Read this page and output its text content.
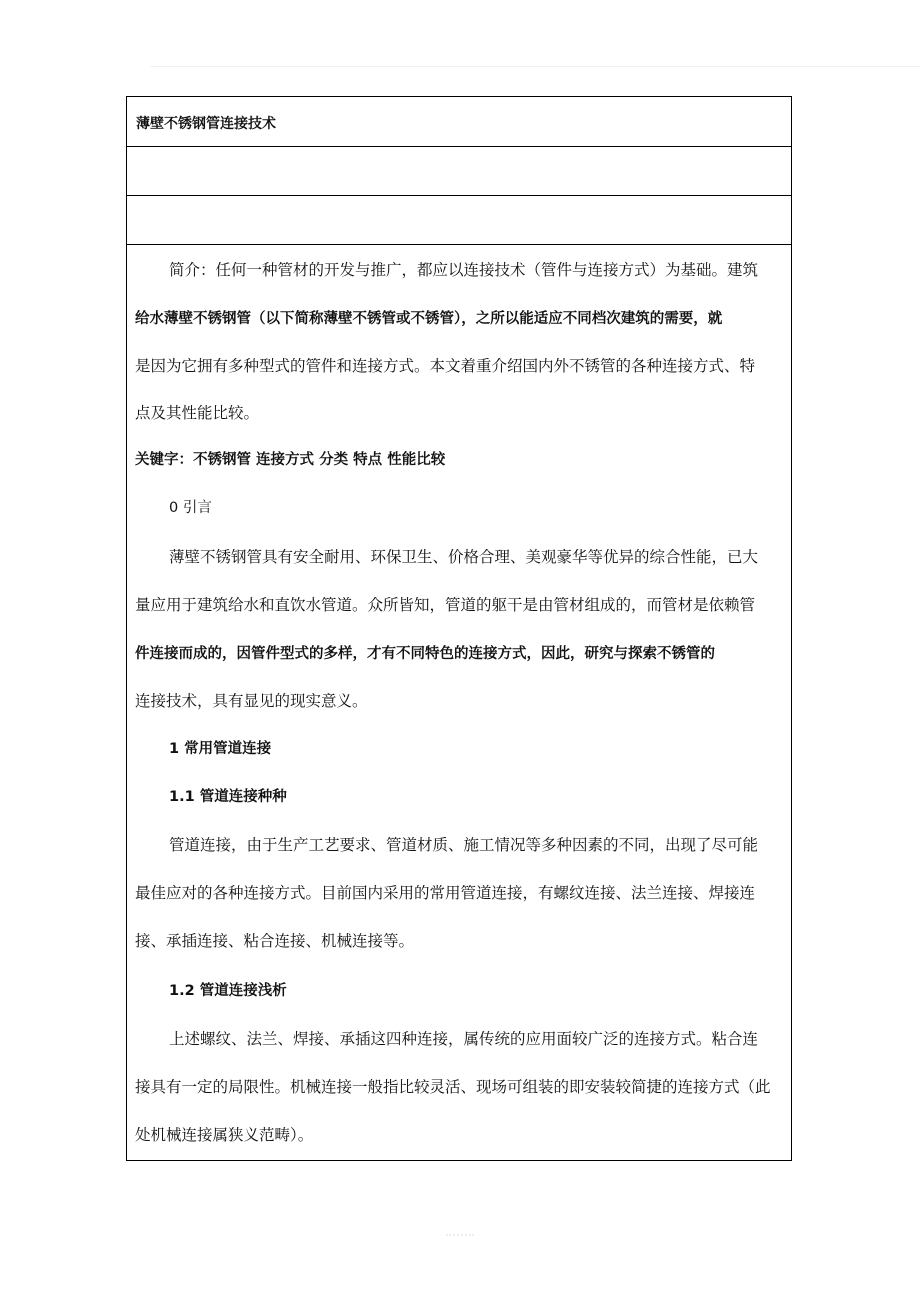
薄壁不锈钢管连接技术
简介：任何一种管材的开发与推广，都应以连接技术（管件与连接方式）为基础。建筑
给水薄壁不锈钢管（以下简称薄壁不锈管或不锈管），之所以能适应不同档次建筑的需要，就
是因为它拥有多种型式的管件和连接方式。本文着重介绍国内外不锈管的各种连接方式、特
点及其性能比较。
关键字：不锈钢管 连接方式 分类 特点 性能比较
0 引言
薄壁不锈钢管具有安全耐用、环保卫生、价格合理、美观豪华等优异的综合性能，已大
量应用于建筑给水和直饮水管道。众所皆知，管道的躯干是由管材组成的，而管材是依赖管
件连接而成的，因管件型式的多样，才有不同特色的连接方式，因此，研究与探索不锈管的
连接技术，具有显见的现实意义。
1 常用管道连接
1.1 管道连接种种
管道连接，由于生产工艺要求、管道材质、施工情况等多种因素的不同，出现了尽可能
最佳应对的各种连接方式。目前国内采用的常用管道连接，有螺纹连接、法兰连接、焊接连
接、承插连接、粘合连接、机械连接等。
1.2 管道连接浅析
上述螺纹、法兰、焊接、承插这四种连接，属传统的应用面较广泛的连接方式。粘合连
接具有一定的局限性。机械连接一般指比较灵活、现场可组装的即安装较简捷的连接方式（此
处机械连接属狭义范畴）。
